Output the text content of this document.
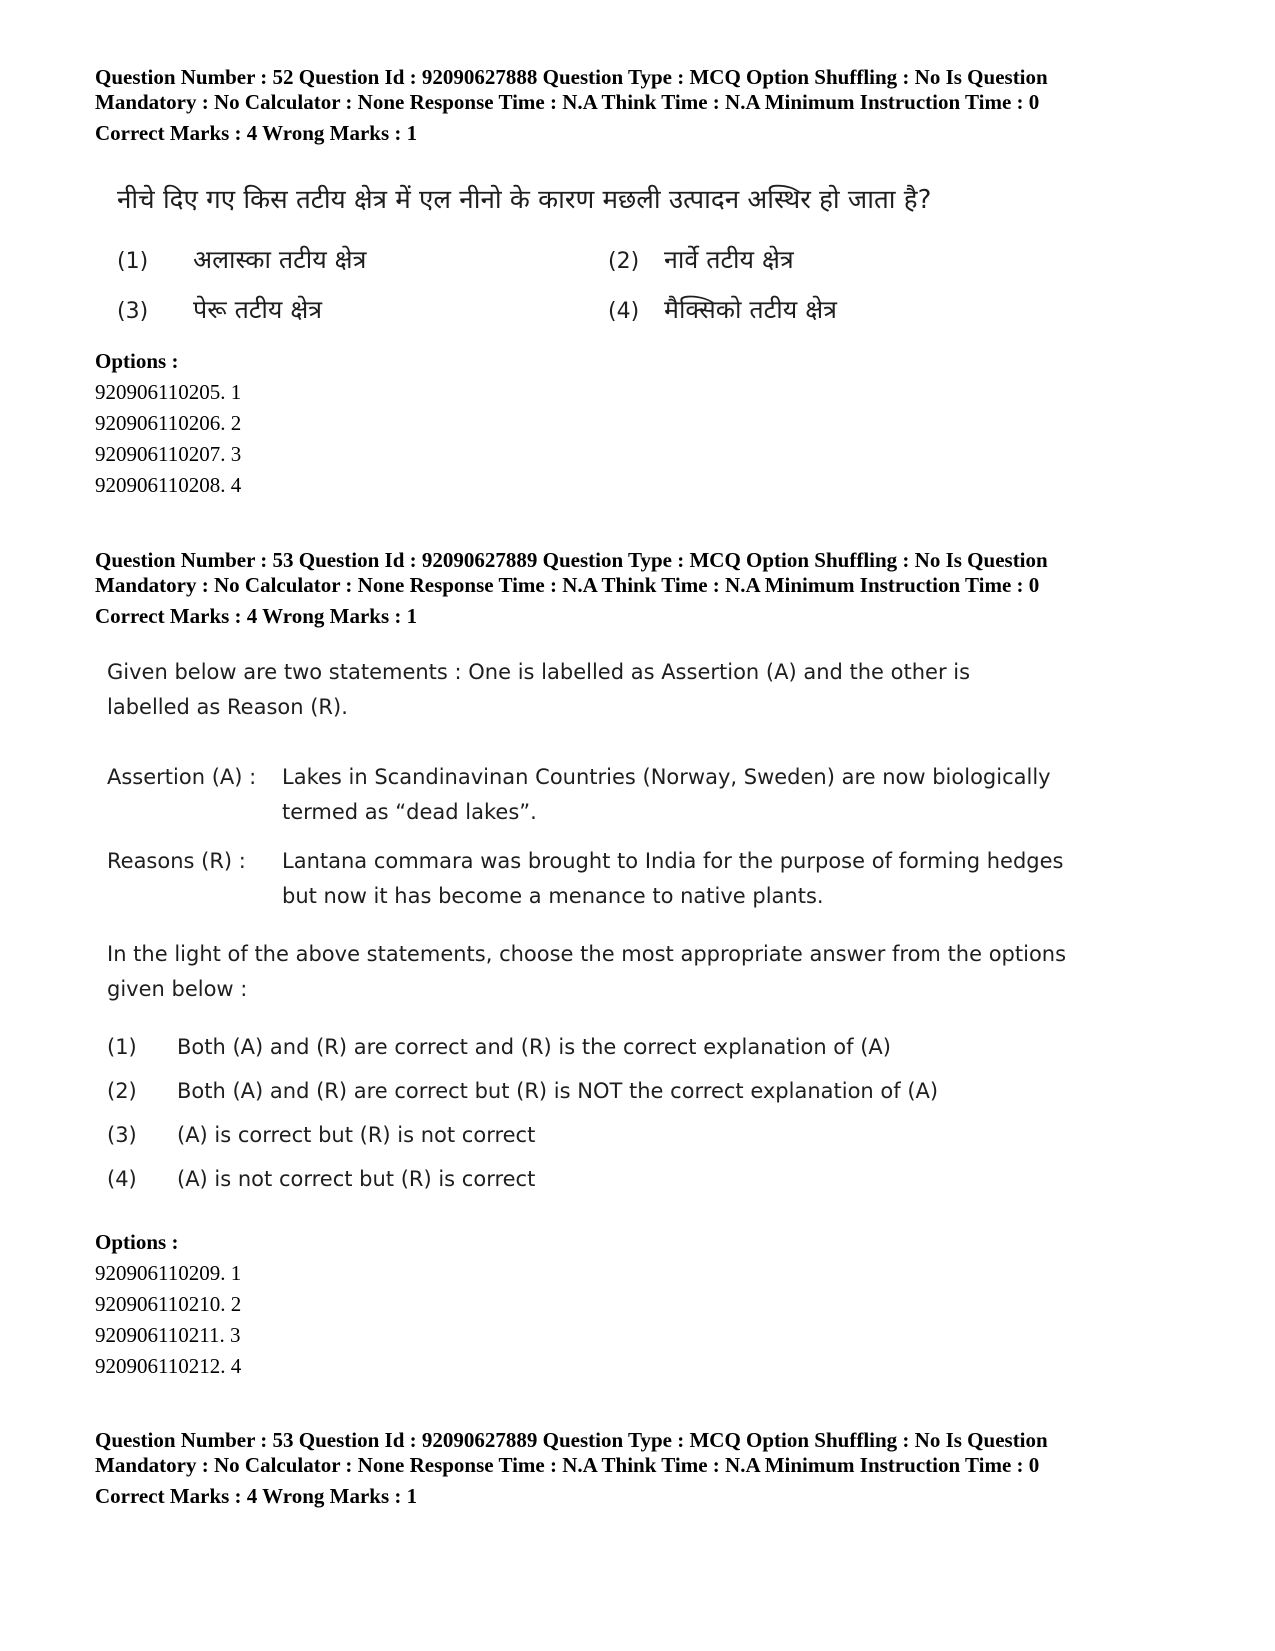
Question Number : 52 Question Id : 92090627888 Question Type : MCQ Option Shuffling : No Is Question
Mandatory : No Calculator : None Response Time : N.A Think Time : N.A Minimum Instruction Time : 0
Correct Marks : 4 Wrong Marks : 1
नीचे दिए गए किस तटीय क्षेत्र में एल नीनो के कारण मछली उत्पादन अस्थिर हो जाता है?
(1) अलास्का तटीय क्षेत्र	(2) नार्वे तटीय क्षेत्र
(3) पेरू तटीय क्षेत्र	(4) मैक्सिको तटीय क्षेत्र
Options :
920906110205. 1
920906110206. 2
920906110207. 3
920906110208. 4
Question Number : 53 Question Id : 92090627889 Question Type : MCQ Option Shuffling : No Is Question
Mandatory : No Calculator : None Response Time : N.A Think Time : N.A Minimum Instruction Time : 0
Correct Marks : 4 Wrong Marks : 1
Given below are two statements : One is labelled as Assertion (A) and the other is
labelled as Reason (R).
Assertion (A) : Lakes in Scandinavinan Countries (Norway, Sweden) are now biologically
termed as “dead lakes”.
Reasons (R) : Lantana commara was brought to India for the purpose of forming hedges
but now it has become a menance to native plants.
In the light of the above statements, choose the most appropriate answer from the options
given below :
(1) Both (A) and (R) are correct and (R) is the correct explanation of (A)
(2) Both (A) and (R) are correct but (R) is NOT the correct explanation of (A)
(3) (A) is correct but (R) is not correct
(4) (A) is not correct but (R) is correct
Options :
920906110209. 1
920906110210. 2
920906110211. 3
920906110212. 4
Question Number : 53 Question Id : 92090627889 Question Type : MCQ Option Shuffling : No Is Question
Mandatory : No Calculator : None Response Time : N.A Think Time : N.A Minimum Instruction Time : 0
Correct Marks : 4 Wrong Marks : 1
